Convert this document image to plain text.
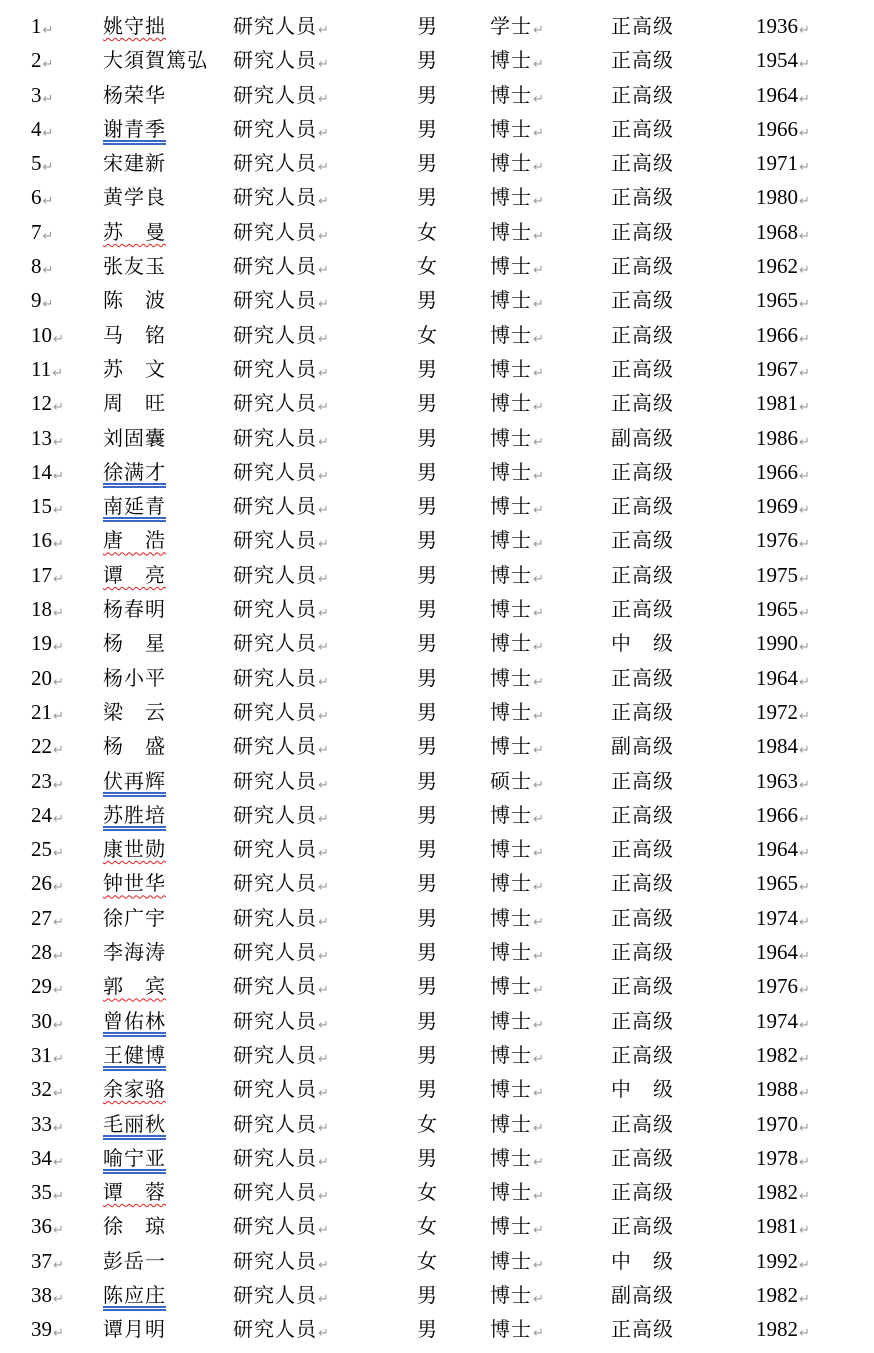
1↵ 姚守拙	研究人员↵	男	学士↵	正高级	1936↵
2↵ 大須賀篤弘 研究人员↵	男	博士↵	正高级	1954↵
3↵ 杨荣华	研究人员↵	男	博士↵	正高级	1964↵
4↵ 谢青季	研究人员↵	男	博士↵	正高级	1966↵
5↵ 宋建新	研究人员↵	男	博士↵	正高级	1971↵
6↵ 黄学良	研究人员↵	男	博士↵	正高级	1980↵
7↵ 苏　曼	研究人员↵	女	博士↵	正高级	1968↵
8↵ 张友玉	研究人员↵	女	博士↵	正高级	1962↵
9↵ 陈　波	研究人员↵	男	博士↵	正高级	1965↵
10↵ 马　铭	研究人员↵	女	博士↵	正高级	1966↵
11↵ 苏　文	研究人员↵	男	博士↵	正高级	1967↵
12↵ 周　旺	研究人员↵	男	博士↵	正高级	1981↵
13↵ 刘固囊	研究人员↵	男	博士↵	副高级	1986↵
14↵ 徐满才	研究人员↵	男	博士↵	正高级	1966↵
15↵ 南延青	研究人员↵	男	博士↵	正高级	1969↵
16↵ 唐　浩	研究人员↵	男	博士↵	正高级	1976↵
17↵ 谭　亮	研究人员↵	男	博士↵	正高级	1975↵
18↵ 杨春明	研究人员↵	男	博士↵	正高级	1965↵
19↵ 杨　星	研究人员↵	男	博士↵	中　级	1990↵
20↵ 杨小平	研究人员↵	男	博士↵	正高级	1964↵
21↵ 梁　云	研究人员↵	男	博士↵	正高级	1972↵
22↵ 杨　盛	研究人员↵	男	博士↵	副高级	1984↵
23↵ 伏再辉	研究人员↵	男	硕士↵	正高级	1963↵
24↵ 苏胜培	研究人员↵	男	博士↵	正高级	1966↵
25↵ 康世勋	研究人员↵	男	博士↵	正高级	1964↵
26↵ 钟世华	研究人员↵	男	博士↵	正高级	1965↵
27↵ 徐广宇	研究人员↵	男	博士↵	正高级	1974↵
28↵ 李海涛	研究人员↵	男	博士↵	正高级	1964↵
29↵ 郭　宾	研究人员↵	男	博士↵	正高级	1976↵
30↵ 曾佑林	研究人员↵	男	博士↵	正高级	1974↵
31↵ 王健博	研究人员↵	男	博士↵	正高级	1982↵
32↵ 余家骆	研究人员↵	男	博士↵	中　级	1988↵
33↵ 毛丽秋	研究人员↵	女	博士↵	正高级	1970↵
34↵ 喻宁亚	研究人员↵	男	博士↵	正高级	1978↵
35↵ 谭　蓉	研究人员↵	女	博士↵	正高级	1982↵
36↵ 徐　琼	研究人员↵	女	博士↵	正高级	1981↵
37↵ 彭岳一	研究人员↵	女	博士↵	中　级	1992↵
38↵ 陈应庄	研究人员↵	男	博士↵	副高级	1982↵
39↵ 谭月明	研究人员↵	男	博士↵	正高级	1982↵
